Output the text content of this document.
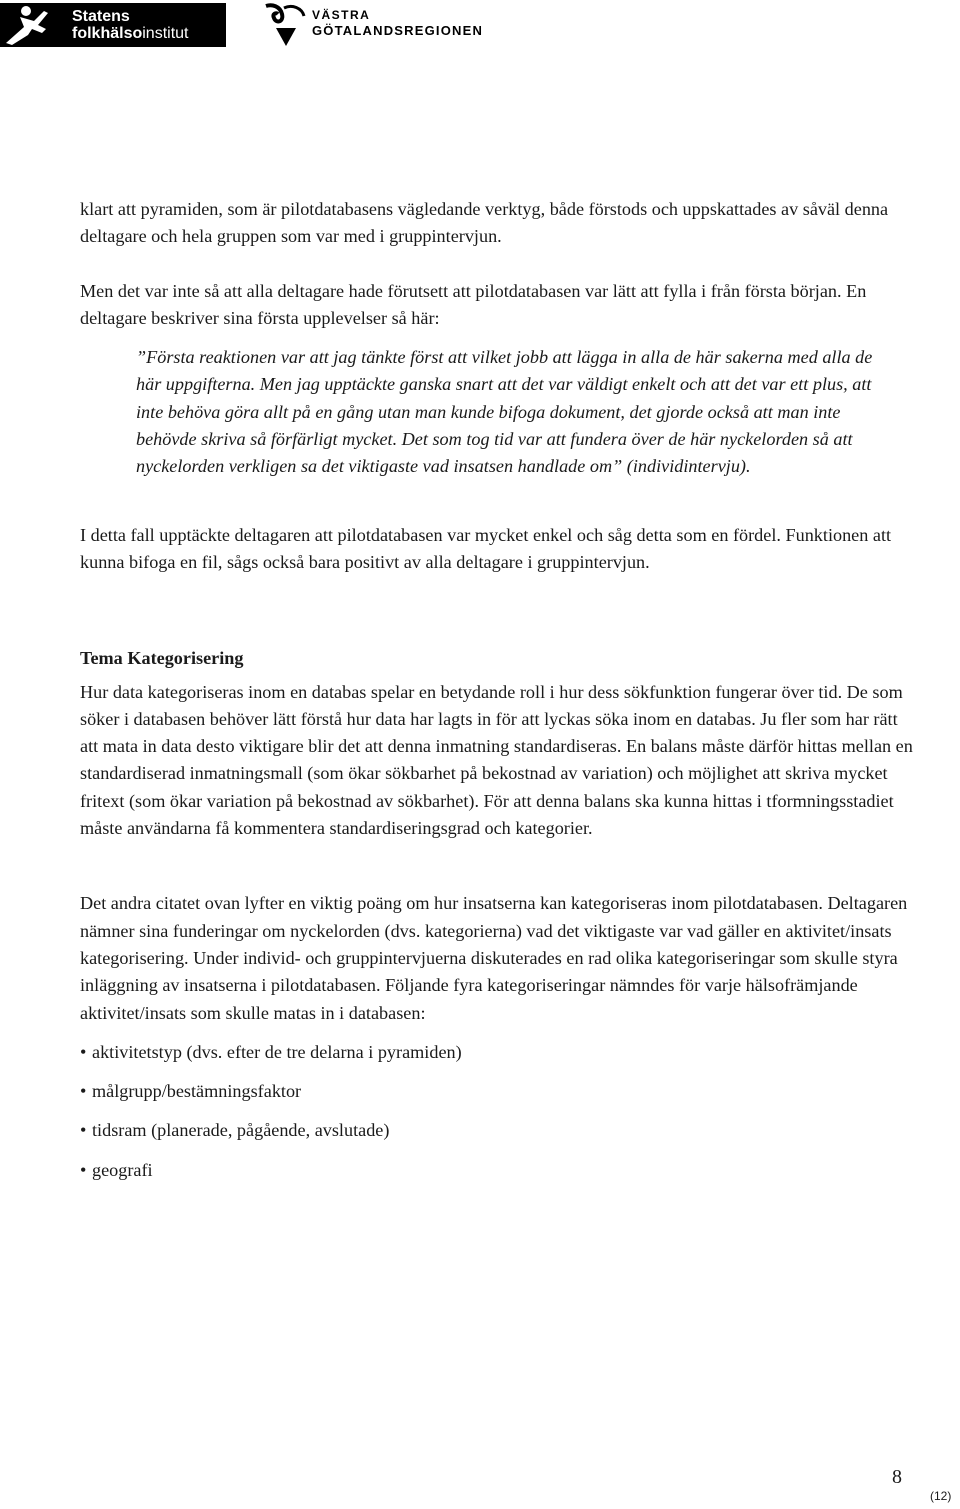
Statens
folkhälsoinstitut
VÄSTRA
GÖTALANDSREGIONEN

klart att pyramiden, som är pilotdatabasens vägledande verktyg, både förstods och uppskattades av såväl denna deltagare och hela gruppen som var med i gruppintervjun.

Men det var inte så att alla deltagare hade förutsett att pilotdatabasen var lätt att fylla i från första början. En deltagare beskriver sina första upplevelser så här:

”Första reaktionen var att jag tänkte först att vilket jobb att lägga in alla de här sakerna med alla de här uppgifterna. Men jag upptäckte ganska snart att det var väldigt enkelt och att det var ett plus, att inte behöva göra allt på en gång utan man kunde bifoga dokument, det gjorde också att man inte behövde skriva så förfärligt mycket. Det som tog tid var att fundera över de här nyckelorden så att nyckelorden verkligen sa det viktigaste vad insatsen handlade om” (individintervju).

I detta fall upptäckte deltagaren att pilotdatabasen var mycket enkel och såg detta som en fördel. Funktionen att kunna bifoga en fil, sågs också bara positivt av alla deltagare i gruppintervjun.

Tema Kategorisering

Hur data kategoriseras inom en databas spelar en betydande roll i hur dess sökfunktion fungerar över tid. De som söker i databasen behöver lätt förstå hur data har lagts in för att lyckas söka inom en databas. Ju fler som har rätt att mata in data desto viktigare blir det att denna inmatning standardiseras. En balans måste därför hittas mellan en standardiserad inmatningsmall (som ökar sökbarhet på bekostnad av variation) och möjlighet att skriva mycket fritext (som ökar variation på bekostnad av sökbarhet). För att denna balans ska kunna hittas i tformningsstadiet måste användarna få kommentera standardiseringsgrad och kategorier.

Det andra citatet ovan lyfter en viktig poäng om hur insatserna kan kategoriseras inom pilotdatabasen. Deltagaren nämner sina funderingar om nyckelorden (dvs. kategorierna) vad det viktigaste var vad gäller en aktivitet/insats kategorisering. Under individ- och gruppintervjuerna diskuterades en rad olika kategoriseringar som skulle styra inläggning av insatserna i pilotdatabasen. Följande fyra kategoriseringar nämndes för varje hälsofrämjande aktivitet/insats som skulle matas in i databasen:

• aktivitetstyp (dvs. efter de tre delarna i pyramiden)
• målgrupp/bestämningsfaktor
• tidsram (planerade, pågående, avslutade)
• geografi
8
(12)
